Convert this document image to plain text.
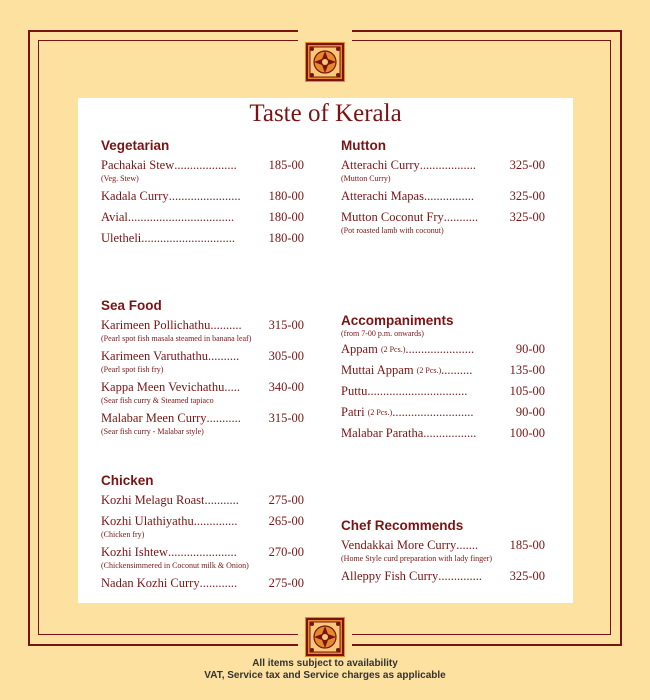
Taste of Kerala
Vegetarian
Pachakai Stew ....................	185-00
(Veg. Stew)
Kadala Curry ....................... 180-00
Avial ..................................	180-00
Uletheli ..............................	180-00
Sea Food
Karimeen Pollichathu .......... 315-00
(Pearl spot fish masala steamed in banana leaf)
Karimeen Varuthathu .......... 305-00
(Pearl spot fish fry)
Kappa Meen Vevichathu ..... 340-00
(Sear fish curry & Steamed tapiaco
Malabar Meen Curry ........... 315-00
(Sear fish curry - Malabar style)
Chicken
Kozhi Melagu Roast ........... 275-00
Kozhi Ulathiyathu .............. 265-00
(Chicken fry)
Kozhi Ishtew ......................	270-00
(Chickensimmered in Coconut milk & Onion)
Nadan Kozhi Curry ............	275-00
Mutton
Atterachi Curry ..................	325-00
(Mutton Curry)
Atterachi Mapas ................	325-00
Mutton Coconut Fry ...........	325-00
(Pot roasted lamb with coconut)
Accompaniments
(from 7-00 p.m. onwards)
Appam
(2 Pcs.) ......................	90-00
Muttai Appam
(2 Pcs.) ..........	135-00
Puttu ................................	105-00
Patri
(2 Pcs.) ..........................	90-00
Malabar Paratha .................	100-00
Chef Recommends
Vendakkai More Curry .......	185-00
(Home Style curd preparation with lady finger)
Alleppy Fish Curry .............. 325-00
All items subject to availability
VAT, Service tax and Service charges as applicable
